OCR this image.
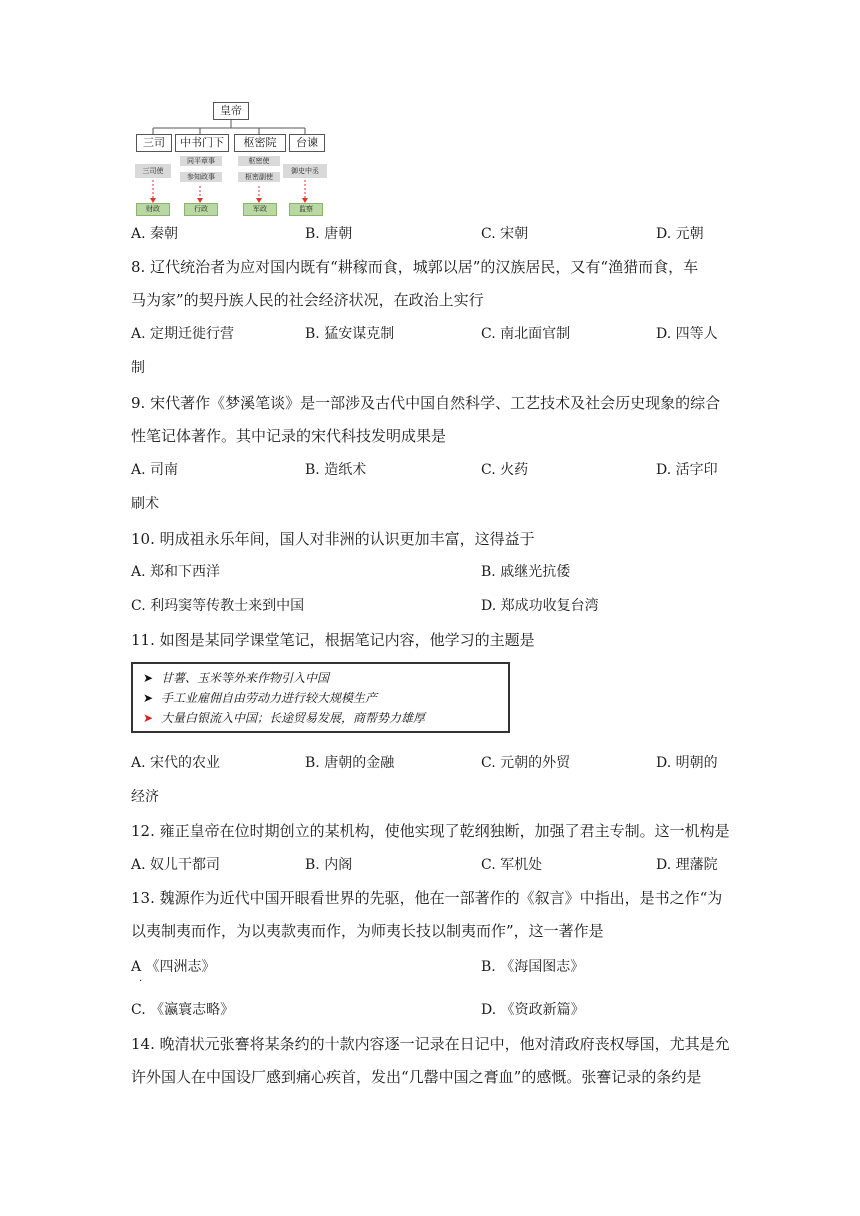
皇帝
三司	中书门下	枢密院	台谏
三司使
同平章事
参知政事
枢密使
枢密副使
御史中丞
财政	行政	军政	监察
A. 秦朝	B. 唐朝	C. 宋朝	D. 元朝
8. 辽代统治者为应对国内既有“耕稼而食，城郭以居”的汉族居民，又有“渔猎而食，车
马为家”的契丹族人民的社会经济状况，在政治上实行
A. 定期迁徙行营	B. 猛安谋克制	C. 南北面官制	D. 四等人
制
9. 宋代著作《梦溪笔谈》是一部涉及古代中国自然科学、工艺技术及社会历史现象的综合
性笔记体著作。其中记录的宋代科技发明成果是
A. 司南	B. 造纸术	C. 火药	D. 活字印
刷术
10. 明成祖永乐年间，国人对非洲的认识更加丰富，这得益于
A. 郑和下西洋	B. 戚继光抗倭
C. 利玛窦等传教士来到中国	D. 郑成功收复台湾
11. 如图是某同学课堂笔记，根据笔记内容，他学习的主题是
➤ 甘薯、玉米等外来作物引入中国
➤ 手工业雇佣自由劳动力进行较大规模生产
➤ 大量白银流入中国；长途贸易发展，商帮势力雄厚
A. 宋代的农业	B. 唐朝的金融	C. 元朝的外贸	D. 明朝的
经济
12. 雍正皇帝在位时期创立的某机构，使他实现了乾纲独断，加强了君主专制。这一机构是
A. 奴儿干都司	B. 内阁	C. 军机处	D. 理藩院
13. 魏源作为近代中国开眼看世界的先驱，他在一部著作的《叙言》中指出，是书之作“为
以夷制夷而作，为以夷款夷而作，为师夷长技以制夷而作”，这一著作是
A 《四洲志》
·
B. 《海国图志》
C. 《瀛寰志略》	D. 《资政新篇》
14. 晚清状元张謇将某条约的十款内容逐一记录在日记中，他对清政府丧权辱国，尤其是允
许外国人在中国设厂感到痛心疾首，发出“几罄中国之膏血”的感慨。张謇记录的条约是
